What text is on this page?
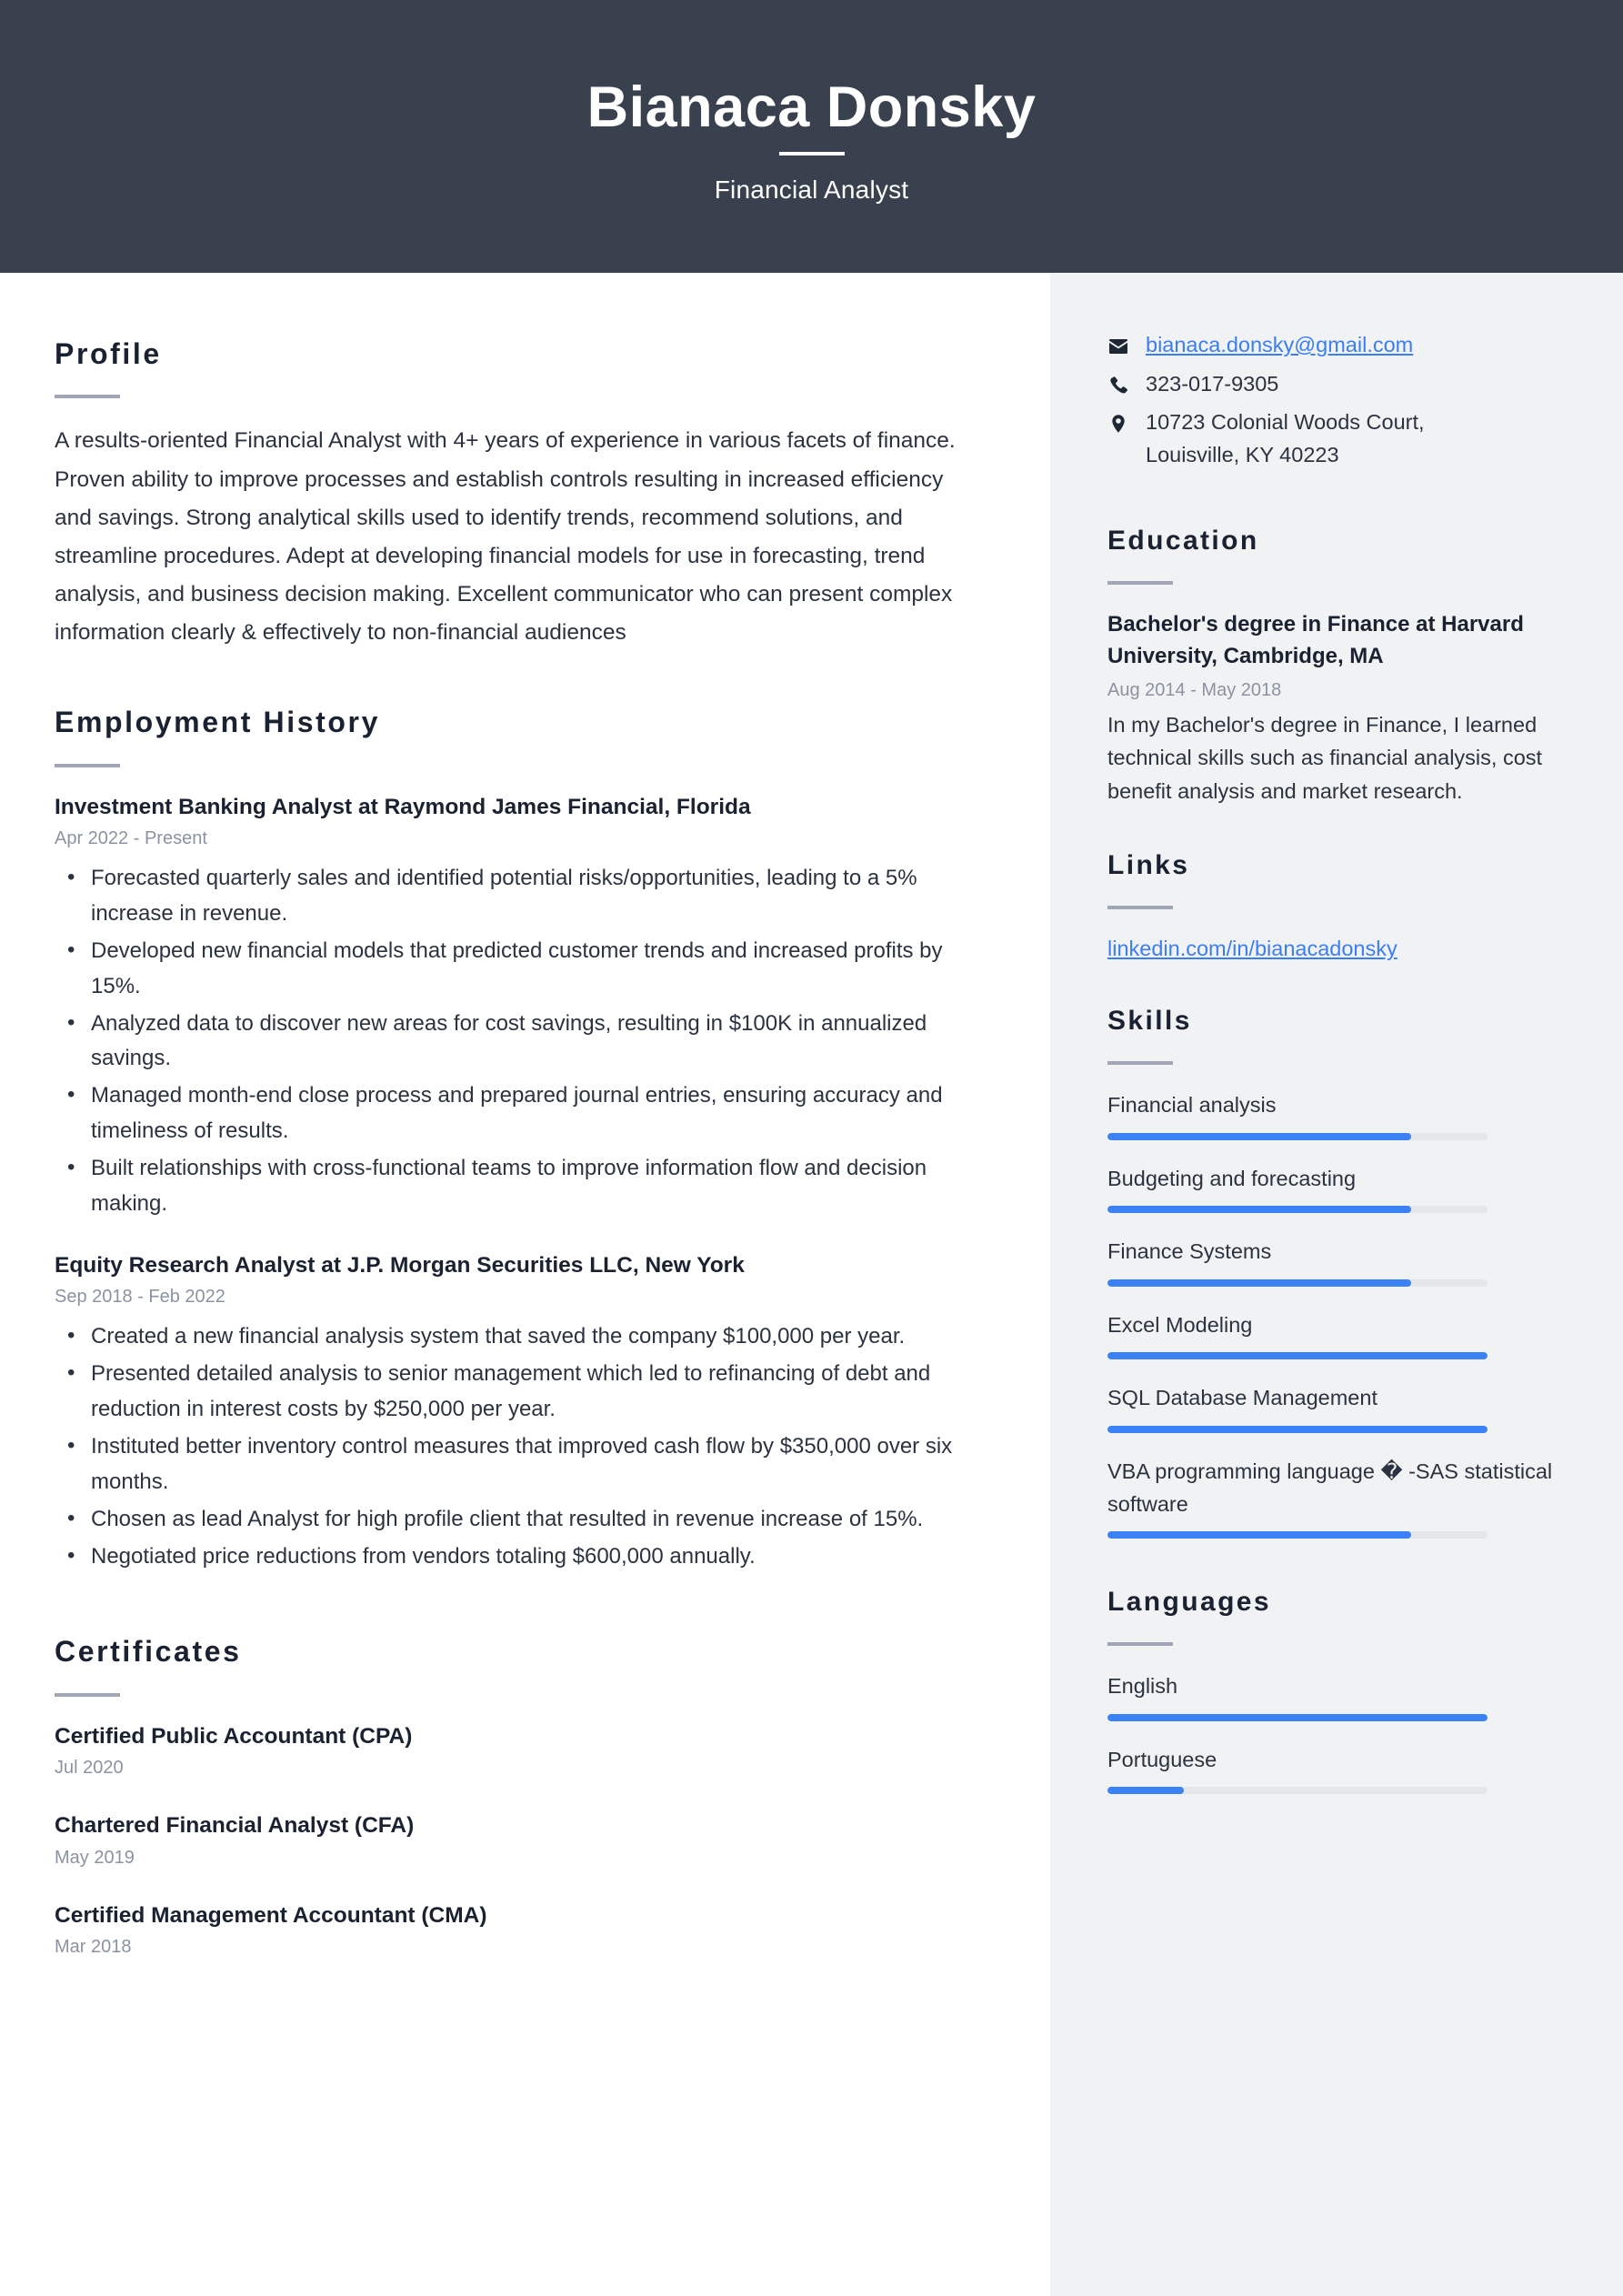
Bianaca Donsky
Financial Analyst
Profile
A results-oriented Financial Analyst with 4+ years of experience in various facets of finance. Proven ability to improve processes and establish controls resulting in increased efficiency and savings. Strong analytical skills used to identify trends, recommend solutions, and streamline procedures. Adept at developing financial models for use in forecasting, trend analysis, and business decision making. Excellent communicator who can present complex information clearly & effectively to non-financial audiences
Employment History
Investment Banking Analyst at Raymond James Financial, Florida
Apr 2022 - Present
• Forecasted quarterly sales and identified potential risks/opportunities, leading to a 5% increase in revenue.
• Developed new financial models that predicted customer trends and increased profits by 15%.
• Analyzed data to discover new areas for cost savings, resulting in $100K in annualized savings.
• Managed month-end close process and prepared journal entries, ensuring accuracy and timeliness of results.
• Built relationships with cross-functional teams to improve information flow and decision making.
Equity Research Analyst at J.P. Morgan Securities LLC, New York
Sep 2018 - Feb 2022
• Created a new financial analysis system that saved the company $100,000 per year.
• Presented detailed analysis to senior management which led to refinancing of debt and reduction in interest costs by $250,000 per year.
• Instituted better inventory control measures that improved cash flow by $350,000 over six months.
• Chosen as lead Analyst for high profile client that resulted in revenue increase of 15%.
• Negotiated price reductions from vendors totaling $600,000 annually.
Certificates
Certified Public Accountant (CPA)
Jul 2020
Chartered Financial Analyst (CFA)
May 2019
Certified Management Accountant (CMA)
Mar 2018
bianaca.donsky@gmail.com
323-017-9305
10723 Colonial Woods Court,
Louisville, KY 40223
Education
Bachelor's degree in Finance at Harvard University, Cambridge, MA
Aug 2014 - May 2018
In my Bachelor's degree in Finance, I learned technical skills such as financial analysis, cost benefit analysis and market research.
Links
linkedin.com/in/bianacadonsky
Skills
Financial analysis
Budgeting and forecasting
Finance Systems
Excel Modeling
SQL Database Management
VBA programming language � -SAS statistical software
Languages
English
Portuguese
